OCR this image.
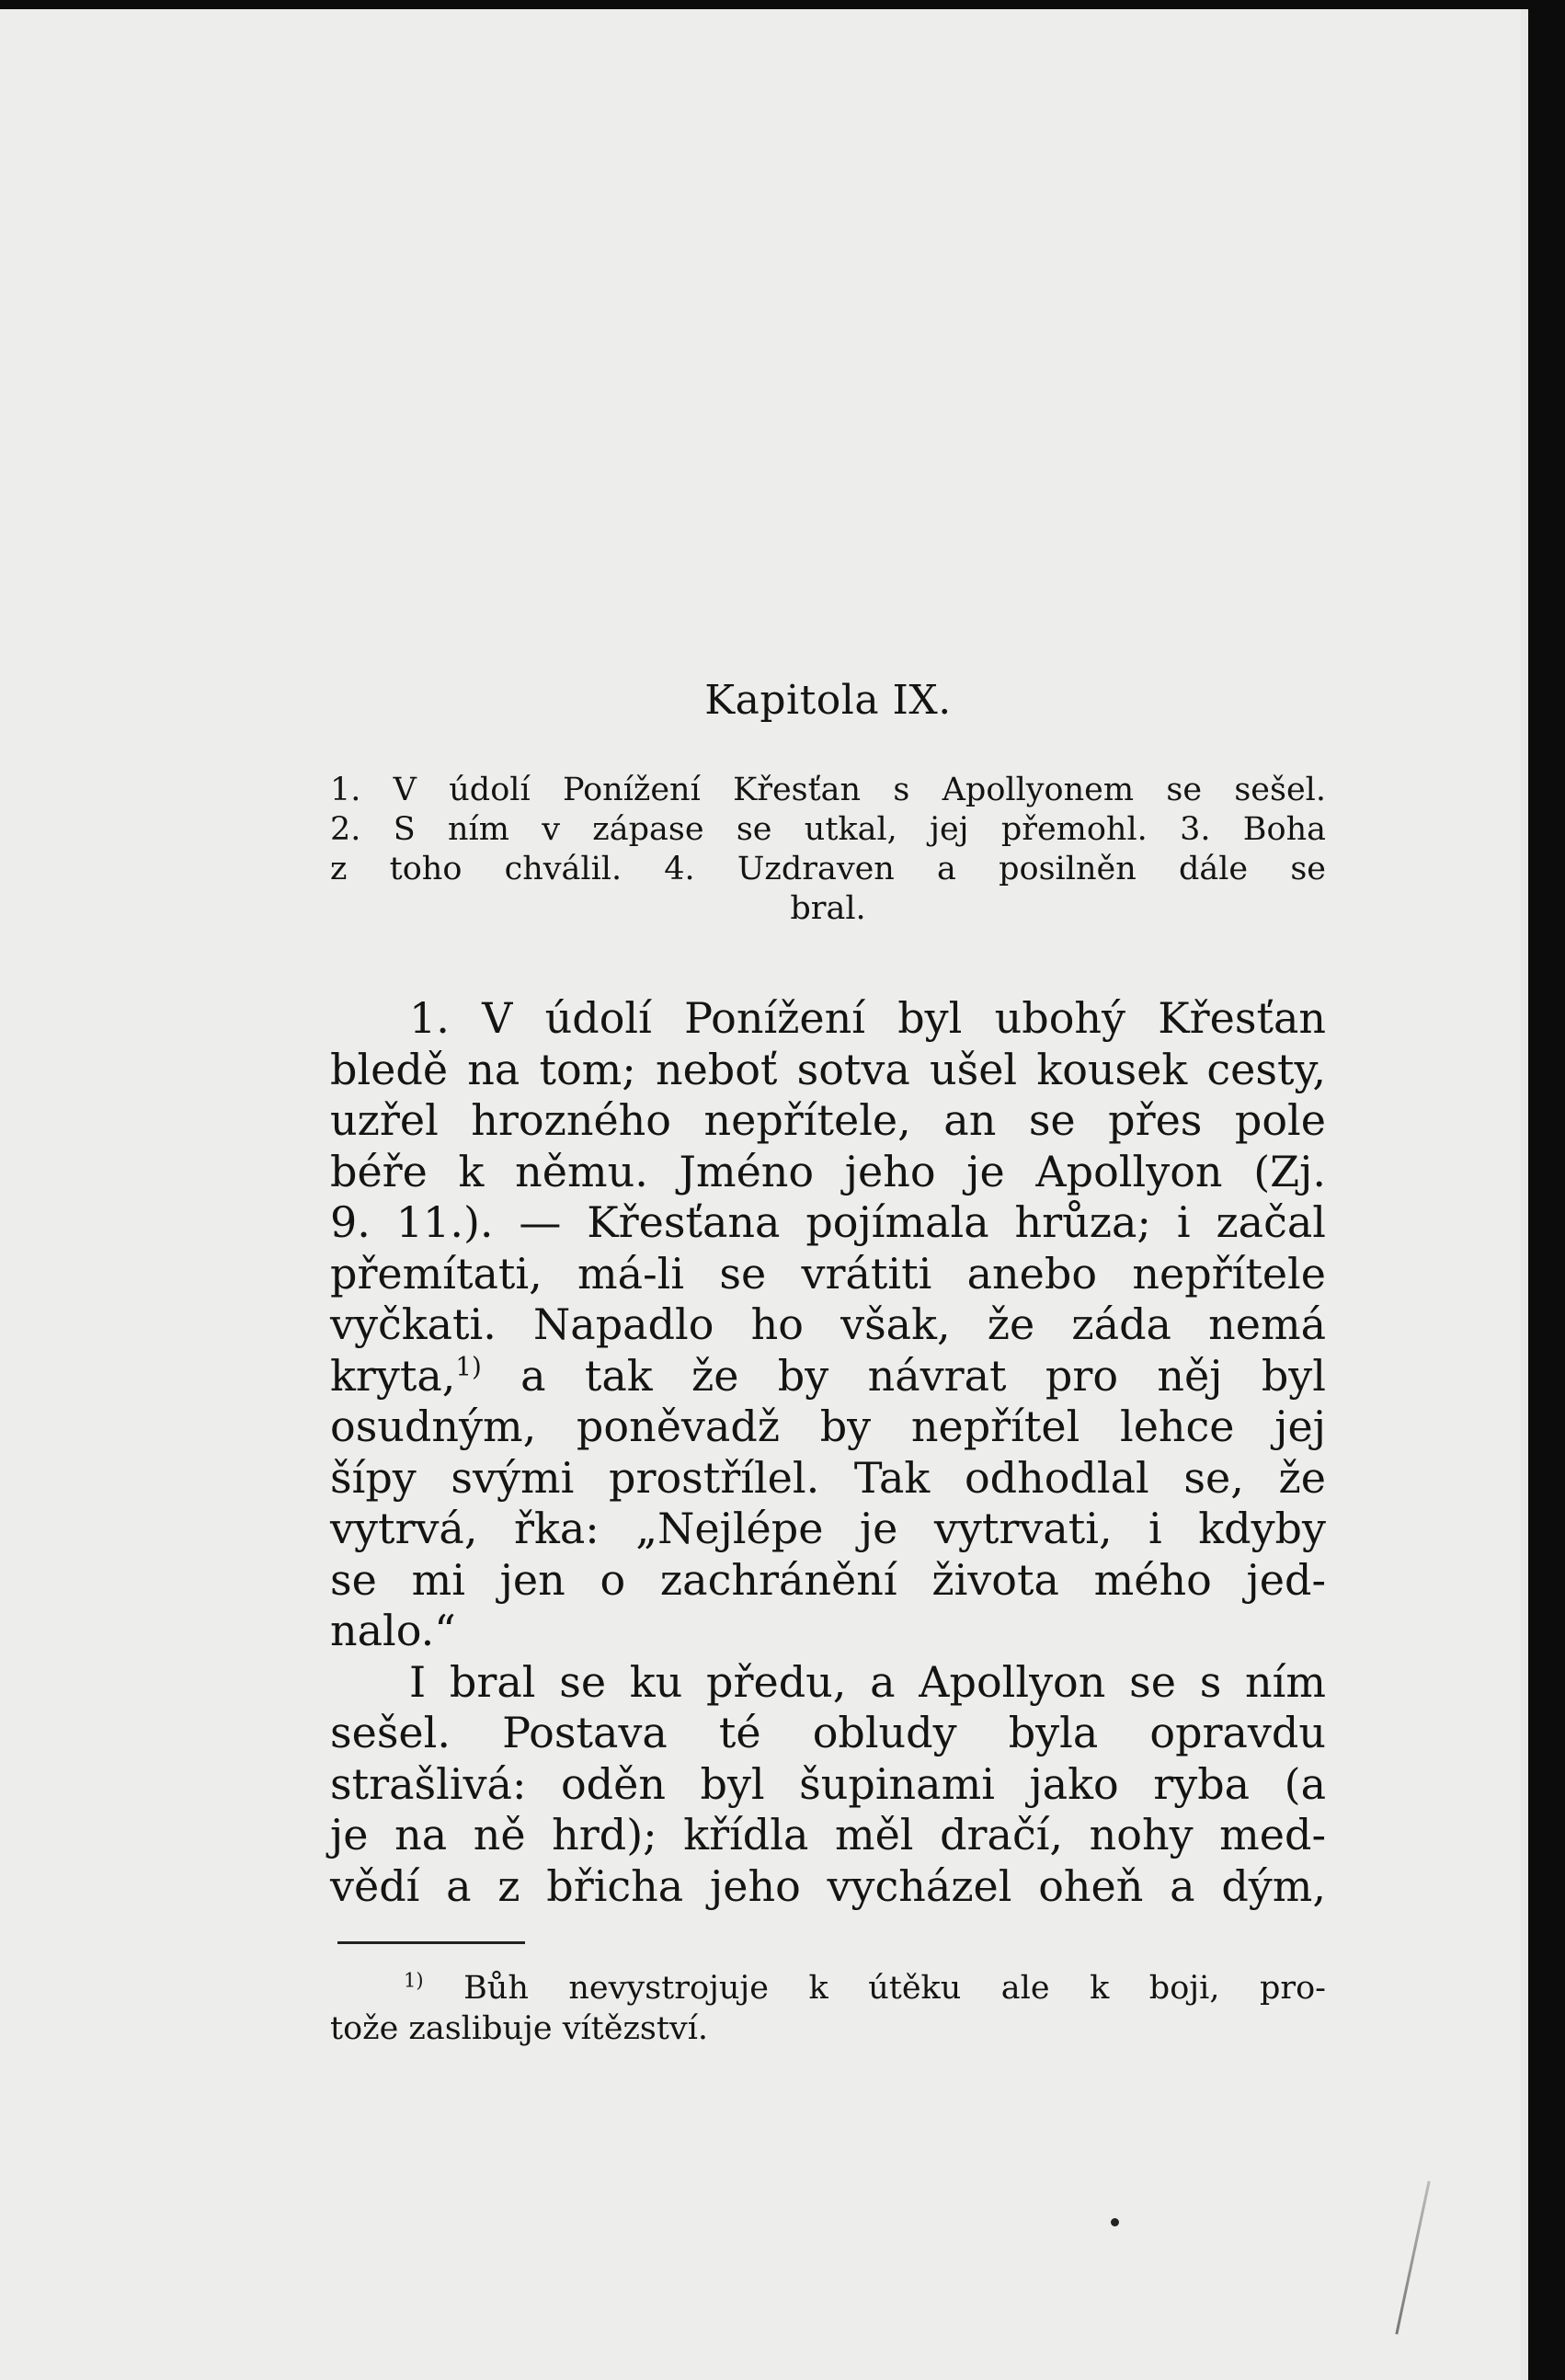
Kapitola IX.
1. V údolí Ponížení Křesťan s Apollyonem se sešel.
2. S ním v zápase se utkal, jej přemohl. 3. Boha
z toho chválil. 4. Uzdraven a posilněn dále se
bral.
1. V údolí Ponížení byl ubohý Křesťan
bledě na tom; neboť sotva ušel kousek cesty,
uzřel hrozného nepřítele, an se přes pole
béře k němu. Jméno jeho je Apollyon (Zj.
9. 11.). — Křesťana pojímala hrůza; i začal
přemítati, má-li se vrátiti anebo nepřítele
vyčkati. Napadlo ho však, že záda nemá
kryta,$^{1)}$ a tak že by návrat pro něj byl
osudným, poněvadž by nepřítel lehce jej
šípy svými prostřílel. Tak odhodlal se, že
vytrvá, řka: „Nejlépe je vytrvati, i kdyby
se mi jen o zachránění života mého jed-
nalo.“
I bral se ku předu, a Apollyon se s ním
sešel. Postava té obludy byla opravdu
strašlivá: oděn byl šupinami jako ryba (a
je na ně hrd); křídla měl dračí, nohy med-
vědí a z břicha jeho vycházel oheň a dým,
$^{1)}$ Bůh nevystrojuje k útěku ale k boji, pro-
tože zaslibuje vítězství.
